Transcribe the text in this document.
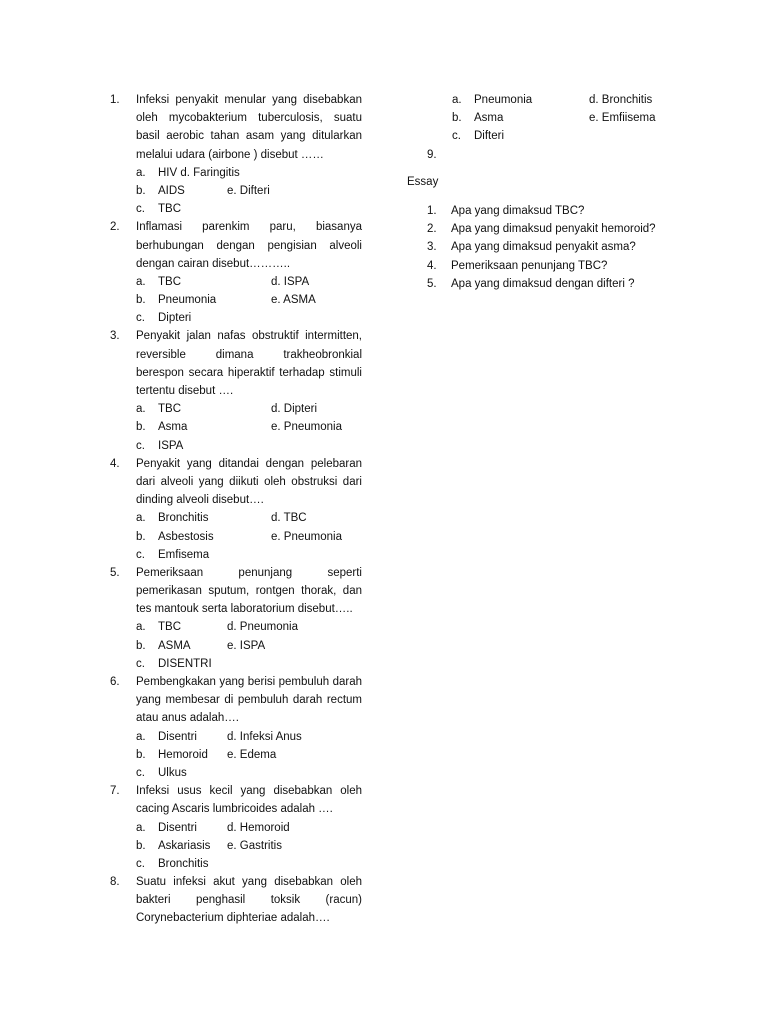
1.	Infeksi penyakit menular yang disebabkan
oleh mycobakterium tuberculosis, suatu
basil aerobic tahan asam yang ditularkan
melalui udara (airbone ) disebut ……
a. HIV d. Faringitis
b. AIDS	e. Difteri
c. TBC
2.	Inflamasi parenkim paru, biasanya
berhubungan dengan pengisian alveoli
dengan cairan disebut………..
a. TBC	d. ISPA
b. Pneumonia	e. ASMA
c. Dipteri
3.	Penyakit jalan nafas obstruktif intermitten,
reversible dimana trakheobronkial
berespon secara hiperaktif terhadap stimuli
tertentu disebut ….
a. TBC	d. Dipteri
b. Asma	e. Pneumonia
c. ISPA
4.	Penyakit yang ditandai dengan pelebaran
dari alveoli yang diikuti oleh obstruksi dari
dinding alveoli disebut….
a. Bronchitis	d. TBC
b. Asbestosis	e. Pneumonia
c. Emfisema
5.	Pemeriksaan penunjang seperti
pemerikasan sputum, rontgen thorak, dan
tes mantouk serta laboratorium disebut…..
a. TBC	d. Pneumonia
b. ASMA	e. ISPA
c. DISENTRI
6.	Pembengkakan yang berisi pembuluh darah
yang membesar di pembuluh darah rectum
atau anus adalah….
a. Disentri	d. Infeksi Anus
b. Hemoroid e. Edema
c. Ulkus
7.	Infeksi usus kecil yang disebabkan oleh
cacing Ascaris lumbricoides adalah ….
a. Disentri	d. Hemoroid
b. Askariasis e. Gastritis
c. Bronchitis
8.	Suatu infeksi akut yang disebabkan oleh
bakteri penghasil toksik (racun)
Corynebacterium diphteriae adalah….
a. Pneumonia	d. Bronchitis
b. Asma	e. Emfiisema
c. Difteri
9.
Essay
1.	Apa yang dimaksud TBC?
2.	Apa yang dimaksud penyakit hemoroid?
3.	Apa yang dimaksud penyakit asma?
4.	Pemeriksaan penunjang TBC?
5.	Apa yang dimaksud dengan difteri ?
